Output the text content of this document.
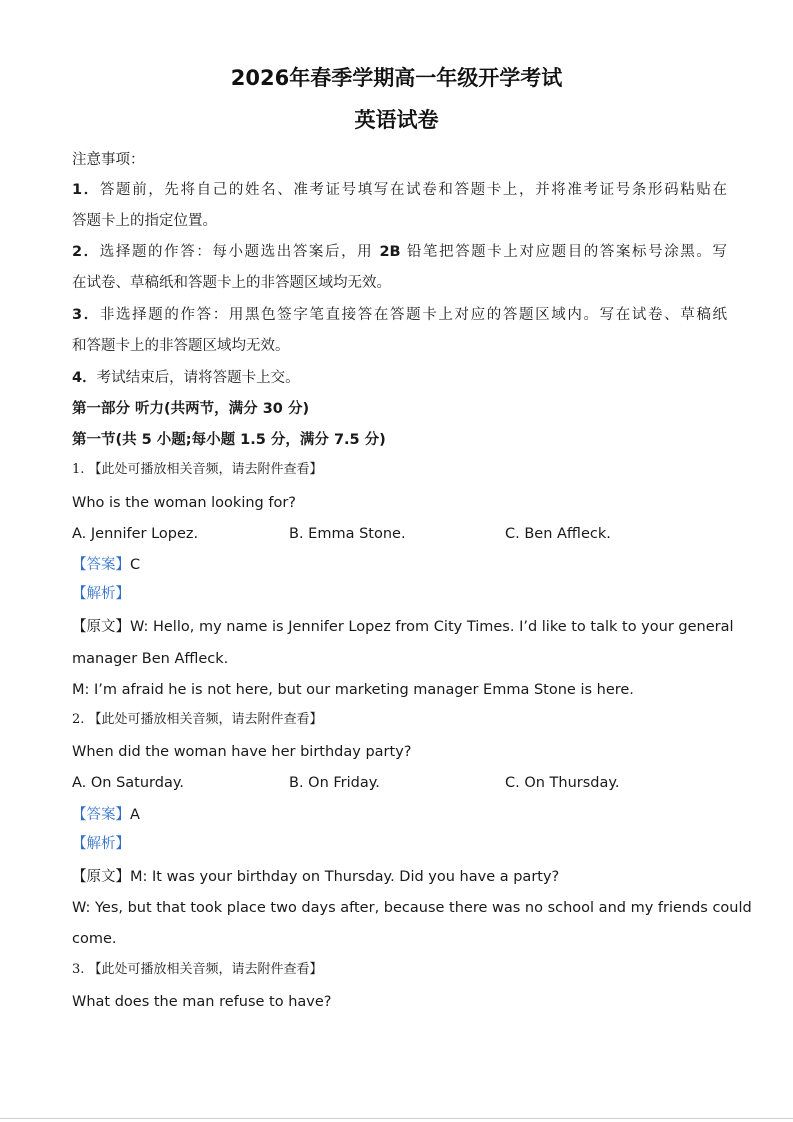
2026年春季学期高一年级开学考试
英语试卷
注意事项：
1．答题前，先将自己的姓名、准考证号填写在试卷和答题卡上，并将准考证号条形码粘贴在
答题卡上的指定位置。
2．选择题的作答：每小题选出答案后，用 2B 铅笔把答题卡上对应题目的答案标号涂黑。写
在试卷、草稿纸和答题卡上的非答题区域均无效。
3．非选择题的作答：用黑色签字笔直接答在答题卡上对应的答题区域内。写在试卷、草稿纸
和答题卡上的非答题区域均无效。
4．考试结束后，请将答题卡上交。
第一部分 听力(共两节，满分 30 分)
第一节(共 5 小题;每小题 1.5 分，满分 7.5 分)
1. 【此处可播放相关音频，请去附件查看】
Who is the woman looking for?
A. Jennifer Lopez.	B. Emma Stone.	C. Ben Affleck.
【答案】C
【解析】
【原文】W: Hello, my name is Jennifer Lopez from City Times. I’d like to talk to your general
manager Ben Affleck.
M: I’m afraid he is not here, but our marketing manager Emma Stone is here.
2. 【此处可播放相关音频，请去附件查看】
When did the woman have her birthday party?
A. On Saturday.	B. On Friday.	C. On Thursday.
【答案】A
【解析】
【原文】M: It was your birthday on Thursday. Did you have a party?
W: Yes, but that took place two days after, because there was no school and my friends could
come.
3. 【此处可播放相关音频，请去附件查看】
What does the man refuse to have?
